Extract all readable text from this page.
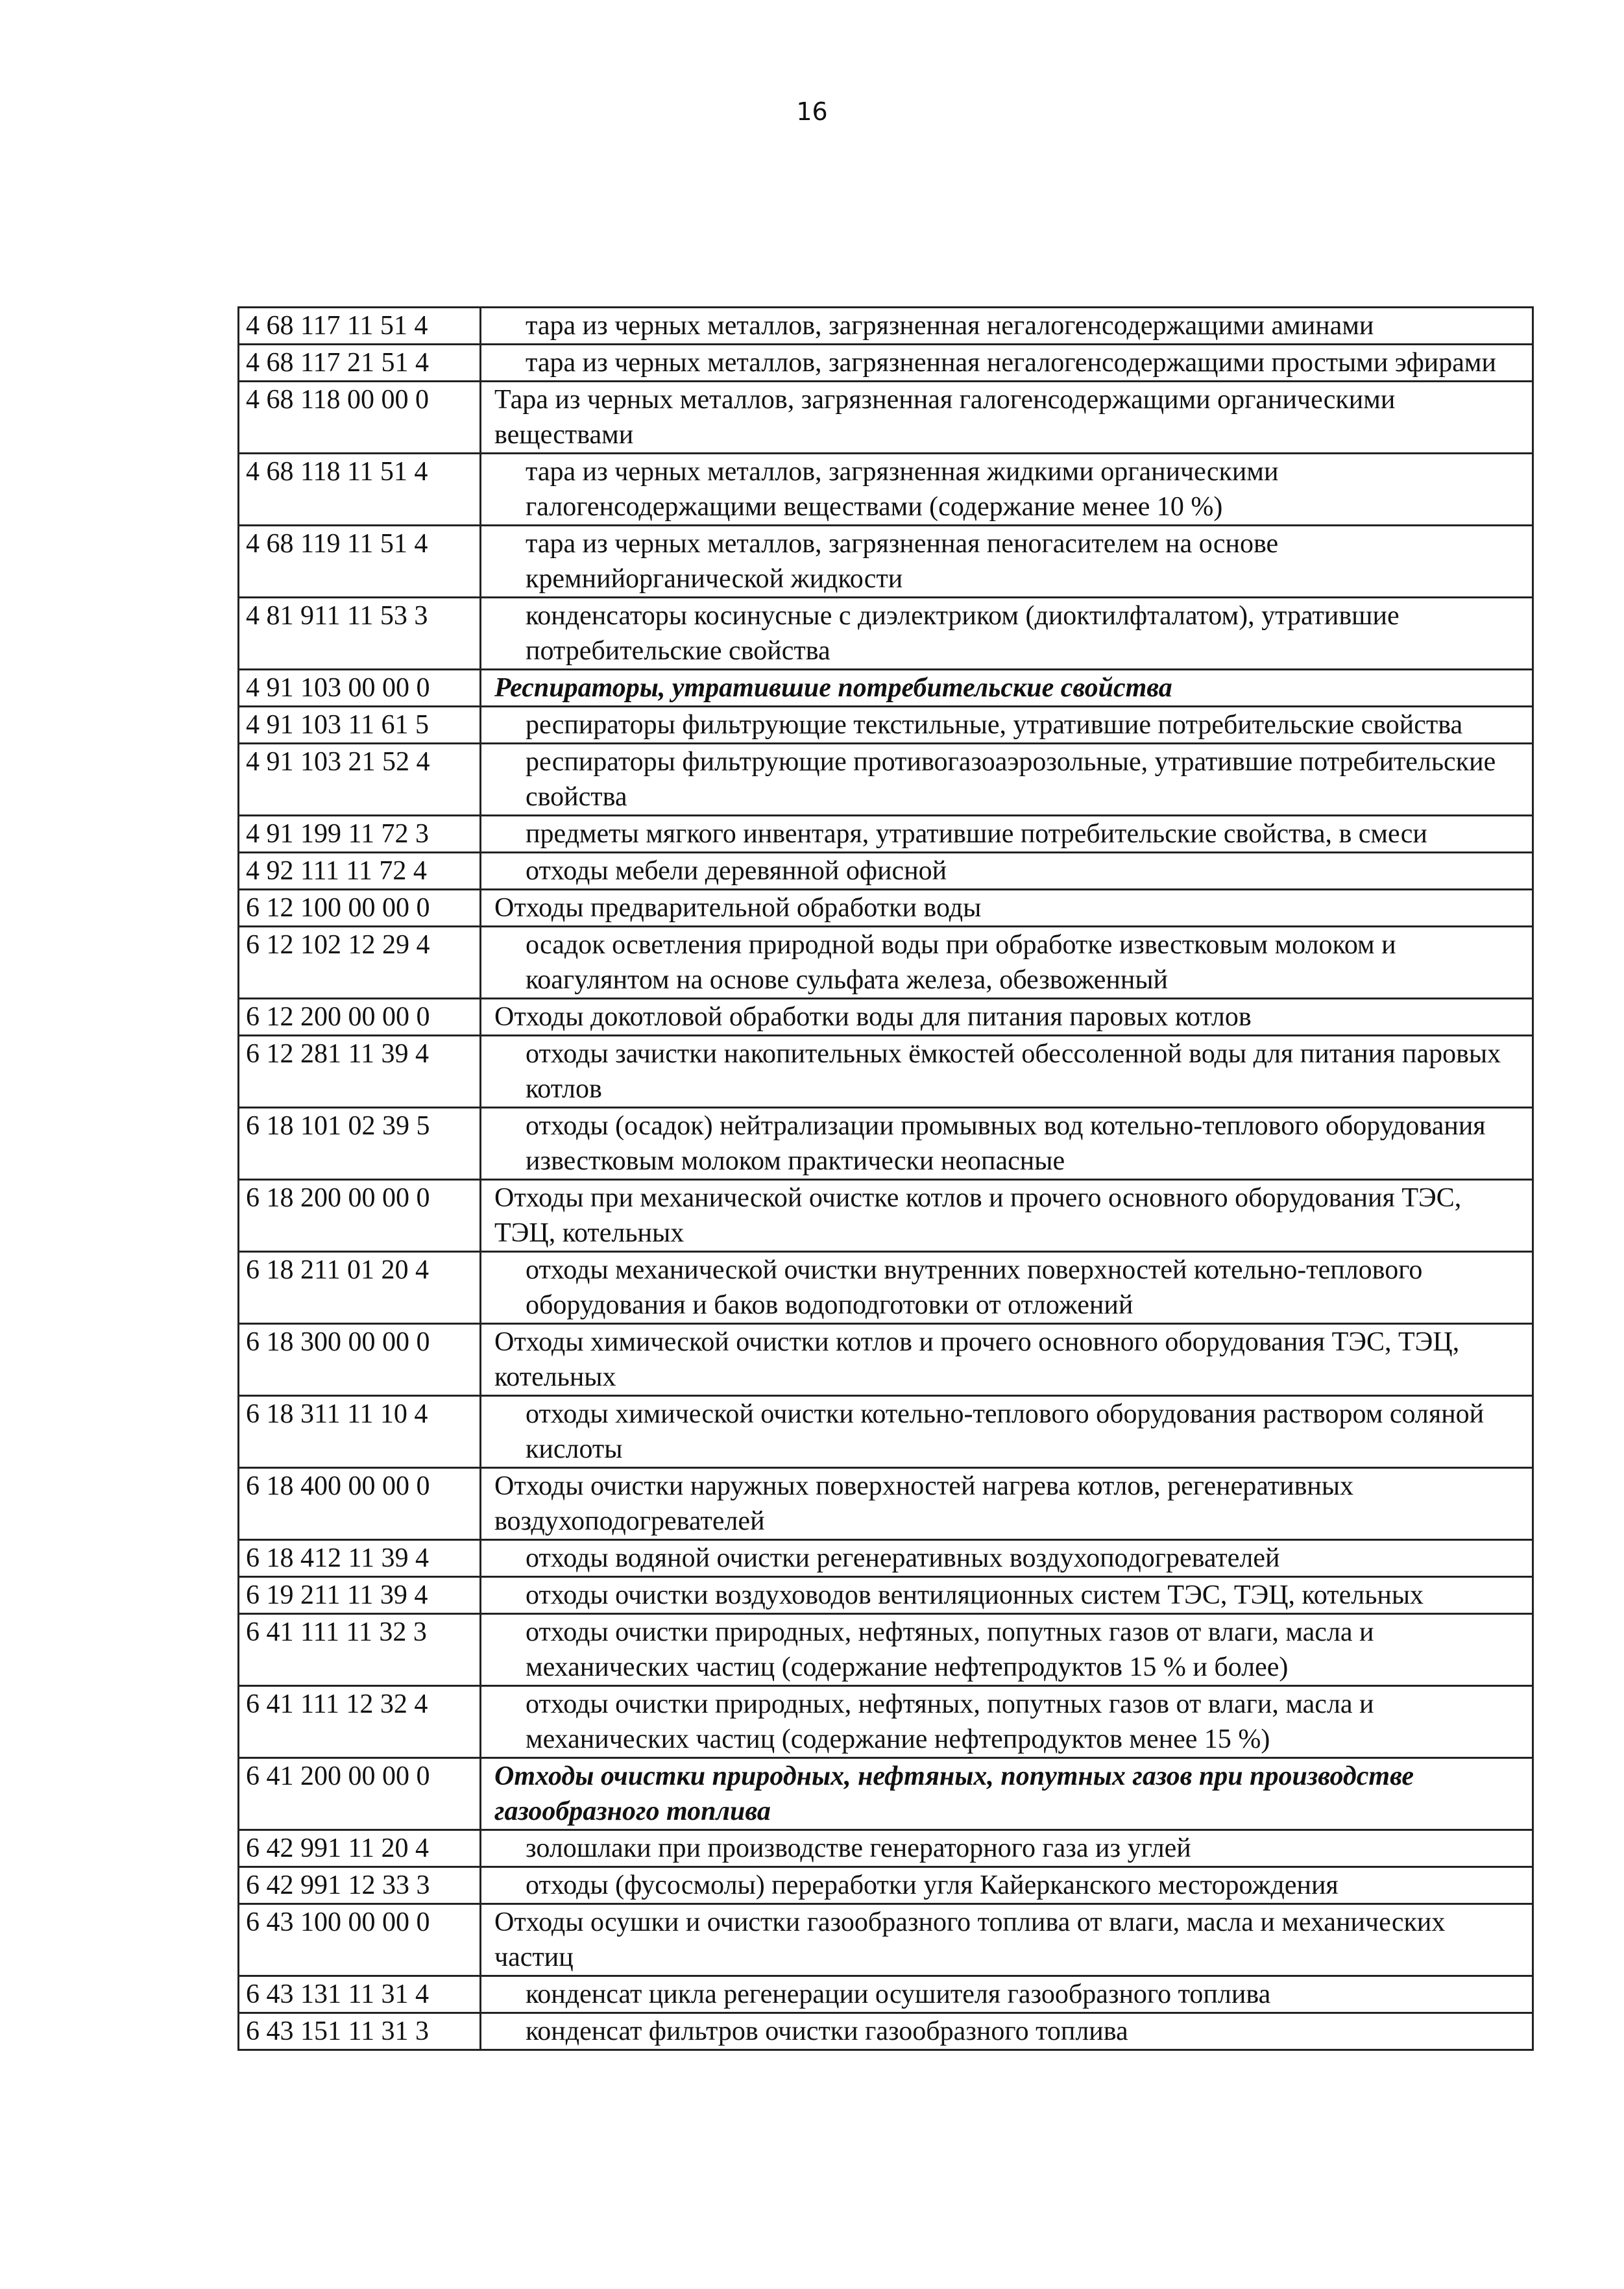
16
4 68 117 11 51 4	тара из черных металлов, загрязненная негалогенсодержащими аминами
4 68 117 21 51 4	тара из черных металлов, загрязненная негалогенсодержащими простыми эфирами
4 68 118 00 00 0	Тара из черных металлов, загрязненная галогенсодержащими органическими веществами
4 68 118 11 51 4	тара из черных металлов, загрязненная жидкими органическими галогенсодержащими веществами (содержание менее 10 %)
4 68 119 11 51 4	тара из черных металлов, загрязненная пеногасителем на основе кремнийорганической жидкости
4 81 911 11 53 3	конденсаторы косинусные с диэлектриком (диоктилфталатом), утратившие потребительские свойства
4 91 103 00 00 0	Респираторы, утратившие потребительские свойства
4 91 103 11 61 5	респираторы фильтрующие текстильные, утратившие потребительские свойства
4 91 103 21 52 4	респираторы фильтрующие противогазоаэрозольные, утратившие потребительские свойства
4 91 199 11 72 3	предметы мягкого инвентаря, утратившие потребительские свойства, в смеси
4 92 111 11 72 4	отходы мебели деревянной офисной
6 12 100 00 00 0	Отходы предварительной обработки воды
6 12 102 12 29 4	осадок осветления природной воды при обработке известковым молоком и коагулянтом на основе сульфата железа, обезвоженный
6 12 200 00 00 0	Отходы докотловой обработки воды для питания паровых котлов
6 12 281 11 39 4	отходы зачистки накопительных ёмкостей обессоленной воды для питания паровых котлов
6 18 101 02 39 5	отходы (осадок) нейтрализации промывных вод котельно-теплового оборудования известковым молоком практически неопасные
6 18 200 00 00 0	Отходы при механической очистке котлов и прочего основного оборудования ТЭС, ТЭЦ, котельных
6 18 211 01 20 4	отходы механической очистки внутренних поверхностей котельно-теплового оборудования и баков водоподготовки от отложений
6 18 300 00 00 0	Отходы химической очистки котлов и прочего основного оборудования ТЭС, ТЭЦ, котельных
6 18 311 11 10 4	отходы химической очистки котельно-теплового оборудования раствором соляной кислоты
6 18 400 00 00 0	Отходы очистки наружных поверхностей нагрева котлов, регенеративных воздухоподогревателей
6 18 412 11 39 4	отходы водяной очистки регенеративных воздухоподогревателей
6 19 211 11 39 4	отходы очистки воздуховодов вентиляционных систем ТЭС, ТЭЦ, котельных
6 41 111 11 32 3	отходы очистки природных, нефтяных, попутных газов от влаги, масла и механических частиц (содержание нефтепродуктов 15 % и более)
6 41 111 12 32 4	отходы очистки природных, нефтяных, попутных газов от влаги, масла и механических частиц (содержание нефтепродуктов менее 15 %)
6 41 200 00 00 0	Отходы очистки природных, нефтяных, попутных газов при производстве газообразного топлива
6 42 991 11 20 4	золошлаки при производстве генераторного газа из углей
6 42 991 12 33 3	отходы (фусосмолы) переработки угля Кайерканского месторождения
6 43 100 00 00 0	Отходы осушки и очистки газообразного топлива от влаги, масла и механических частиц
6 43 131 11 31 4	конденсат цикла регенерации осушителя газообразного топлива
6 43 151 11 31 3	конденсат фильтров очистки газообразного топлива
